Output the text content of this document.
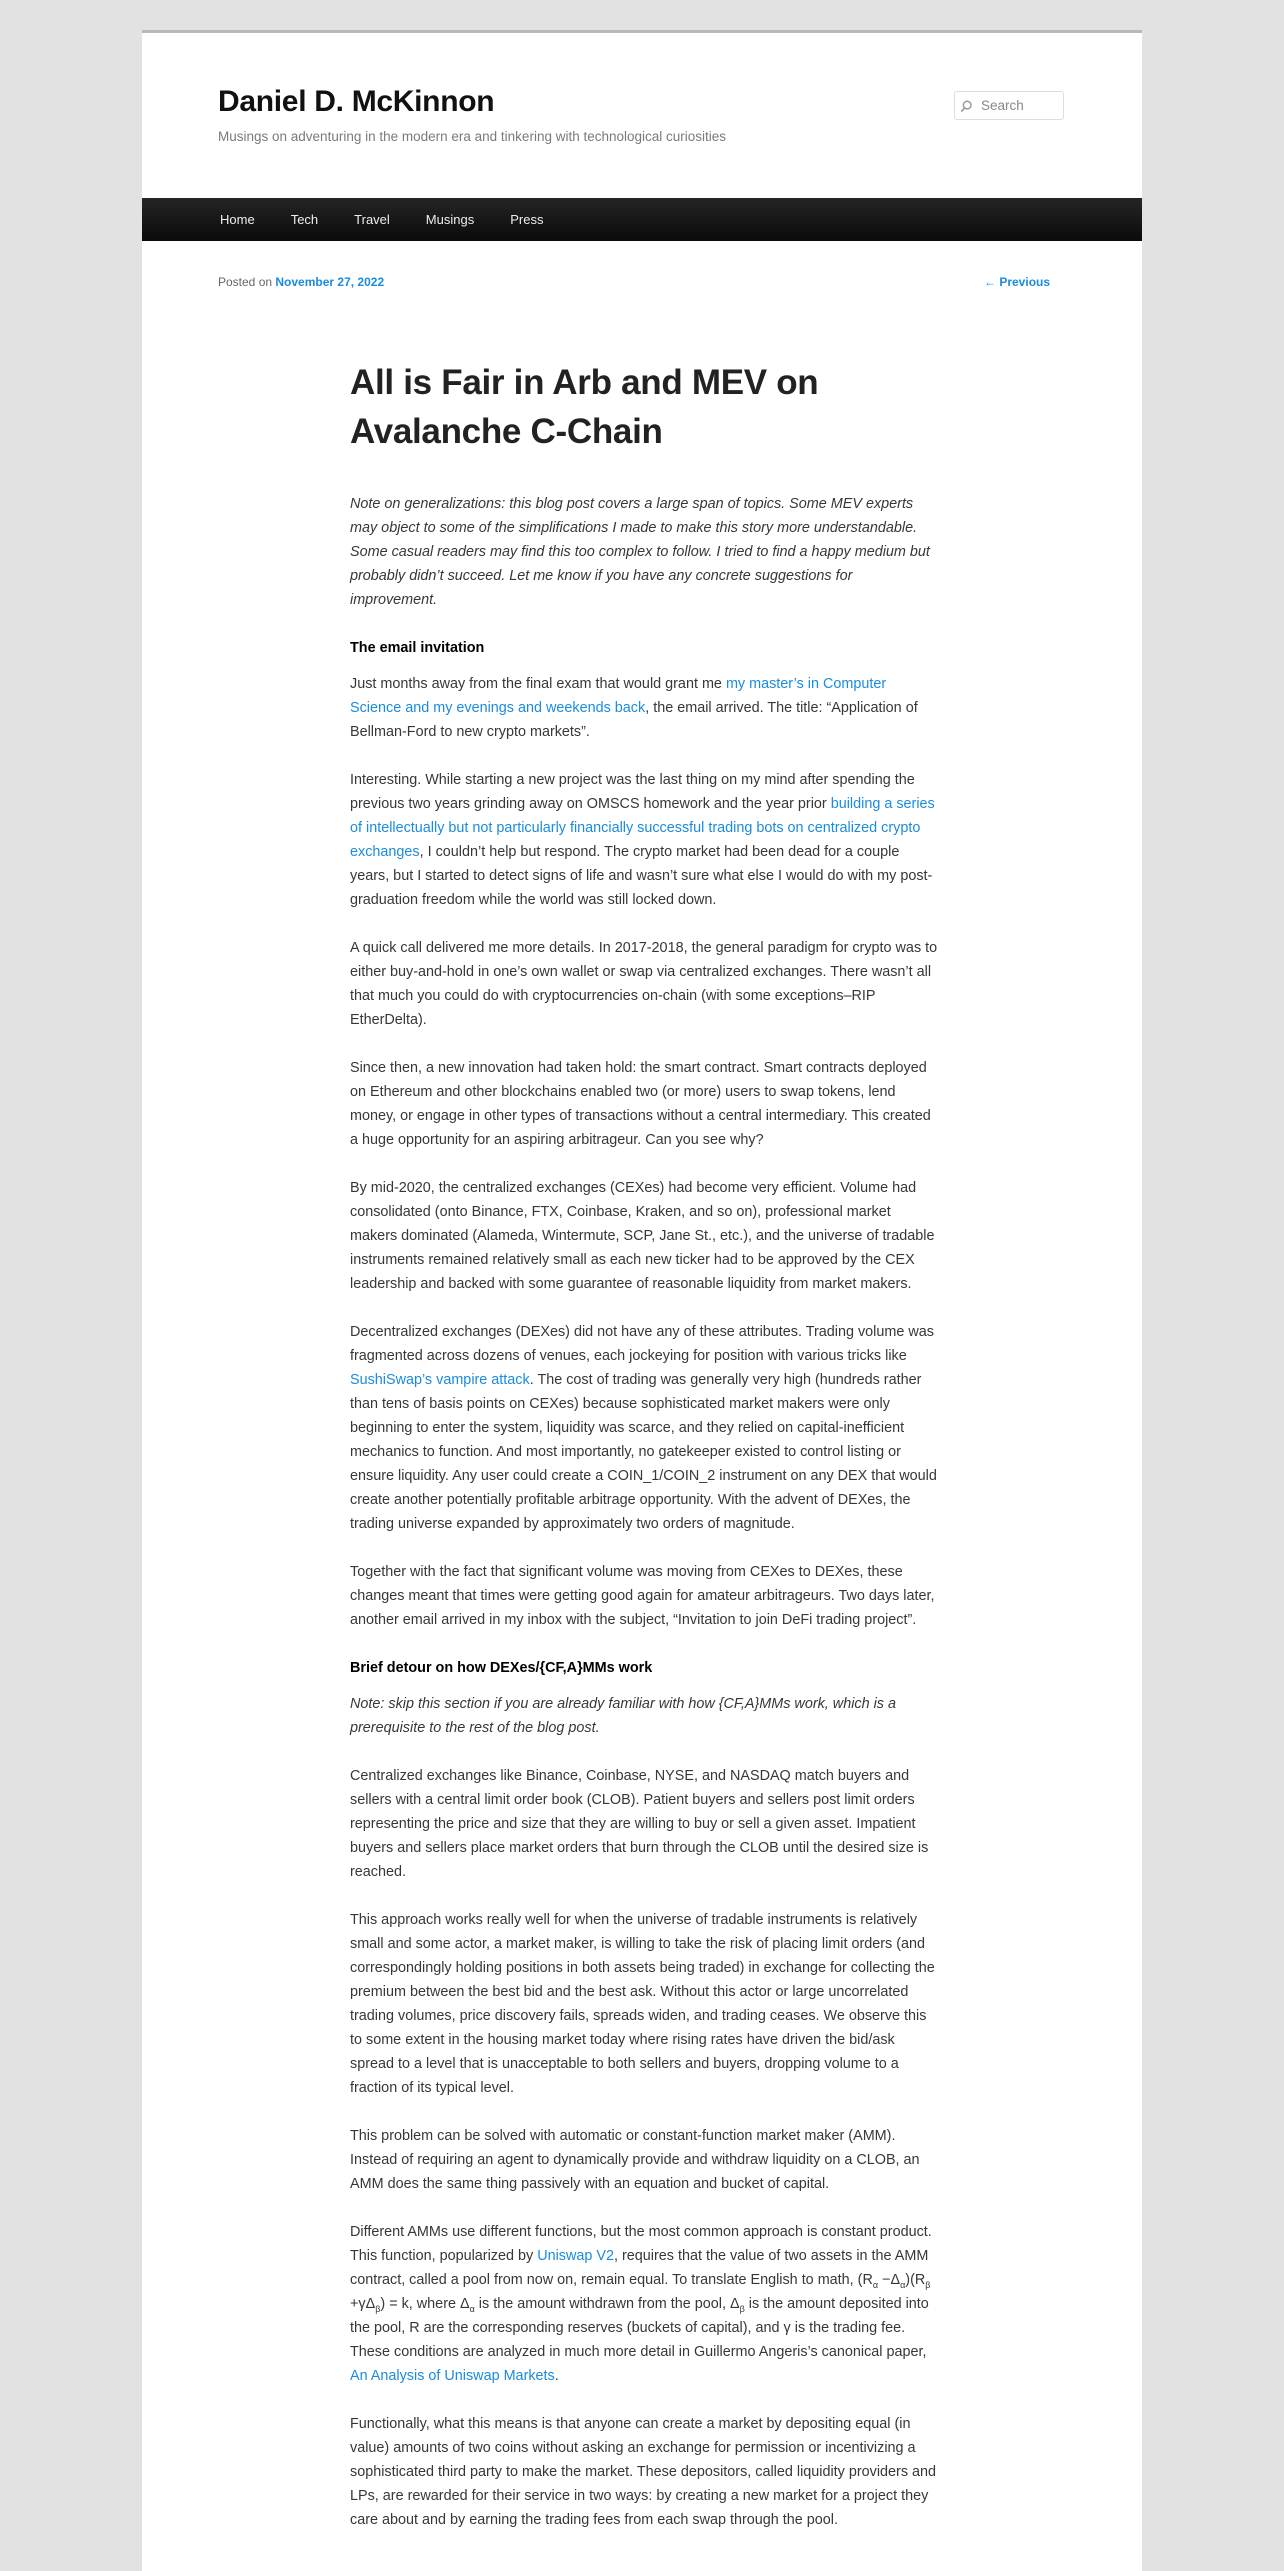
Daniel D. McKinnon

Musings on adventuring in the modern era and tinkering with technological curiosities

Search
Home	Tech	Travel	Musings	Press
Posted on November 27, 2022	← Previous
All is Fair in Arb and MEV on Avalanche C-Chain

Note on generalizations: this blog post covers a large span of topics. Some MEV experts may object to some of the simplifications I made to make this story more understandable. Some casual readers may find this too complex to follow. I tried to find a happy medium but probably didn’t succeed. Let me know if you have any concrete suggestions for improvement.

The email invitation

Just months away from the final exam that would grant me my master’s in Computer Science and my evenings and weekends back, the email arrived. The title: “Application of Bellman-Ford to new crypto markets”.

Interesting. While starting a new project was the last thing on my mind after spending the previous two years grinding away on OMSCS homework and the year prior building a series of intellectually but not particularly financially successful trading bots on centralized crypto exchanges, I couldn’t help but respond. The crypto market had been dead for a couple years, but I started to detect signs of life and wasn’t sure what else I would do with my post-graduation freedom while the world was still locked down.

A quick call delivered me more details. In 2017-2018, the general paradigm for crypto was to either buy-and-hold in one’s own wallet or swap via centralized exchanges. There wasn’t all that much you could do with cryptocurrencies on-chain (with some exceptions–RIP EtherDelta).

Since then, a new innovation had taken hold: the smart contract. Smart contracts deployed on Ethereum and other blockchains enabled two (or more) users to swap tokens, lend money, or engage in other types of transactions without a central intermediary. This created a huge opportunity for an aspiring arbitrageur. Can you see why?

By mid-2020, the centralized exchanges (CEXes) had become very efficient. Volume had consolidated (onto Binance, FTX, Coinbase, Kraken, and so on), professional market makers dominated (Alameda, Wintermute, SCP, Jane St., etc.), and the universe of tradable instruments remained relatively small as each new ticker had to be approved by the CEX leadership and backed with some guarantee of reasonable liquidity from market makers.

Decentralized exchanges (DEXes) did not have any of these attributes. Trading volume was fragmented across dozens of venues, each jockeying for position with various tricks like SushiSwap’s vampire attack. The cost of trading was generally very high (hundreds rather than tens of basis points on CEXes) because sophisticated market makers were only beginning to enter the system, liquidity was scarce, and they relied on capital-inefficient mechanics to function. And most importantly, no gatekeeper existed to control listing or ensure liquidity. Any user could create a COIN_1/COIN_2 instrument on any DEX that would create another potentially profitable arbitrage opportunity. With the advent of DEXes, the trading universe expanded by approximately two orders of magnitude.

Together with the fact that significant volume was moving from CEXes to DEXes, these changes meant that times were getting good again for amateur arbitrageurs. Two days later, another email arrived in my inbox with the subject, “Invitation to join DeFi trading project”.

Brief detour on how DEXes/{CF,A}MMs work

Note: skip this section if you are already familiar with how {CF,A}MMs work, which is a prerequisite to the rest of the blog post.

Centralized exchanges like Binance, Coinbase, NYSE, and NASDAQ match buyers and sellers with a central limit order book (CLOB). Patient buyers and sellers post limit orders representing the price and size that they are willing to buy or sell a given asset. Impatient buyers and sellers place market orders that burn through the CLOB until the desired size is reached.

This approach works really well for when the universe of tradable instruments is relatively small and some actor, a market maker, is willing to take the risk of placing limit orders (and correspondingly holding positions in both assets being traded) in exchange for collecting the premium between the best bid and the best ask. Without this actor or large uncorrelated trading volumes, price discovery fails, spreads widen, and trading ceases. We observe this to some extent in the housing market today where rising rates have driven the bid/ask spread to a level that is unacceptable to both sellers and buyers, dropping volume to a fraction of its typical level.

This problem can be solved with automatic or constant-function market maker (AMM). Instead of requiring an agent to dynamically provide and withdraw liquidity on a CLOB, an AMM does the same thing passively with an equation and bucket of capital.

Different AMMs use different functions, but the most common approach is constant product. This function, popularized by Uniswap V2, requires that the value of two assets in the AMM contract, called a pool from now on, remain equal. To translate English to math, $(R_\alpha -\Delta_\alpha)(R_\beta +\gamma\Delta_\beta) = k$, where $\Delta_\alpha$ is the amount withdrawn from the pool, $\Delta_\beta$ is the amount deposited into the pool, R are the corresponding reserves (buckets of capital), and γ is the trading fee. These conditions are analyzed in much more detail in Guillermo Angeris’s canonical paper, An Analysis of Uniswap Markets.

Functionally, what this means is that anyone can create a market by depositing equal (in value) amounts of two coins without asking an exchange for permission or incentivizing a sophisticated third party to make the market. These depositors, called liquidity providers and LPs, are rewarded for their service in two ways: by creating a new market for a project they care about and by earning the trading fees from each swap through the pool.
